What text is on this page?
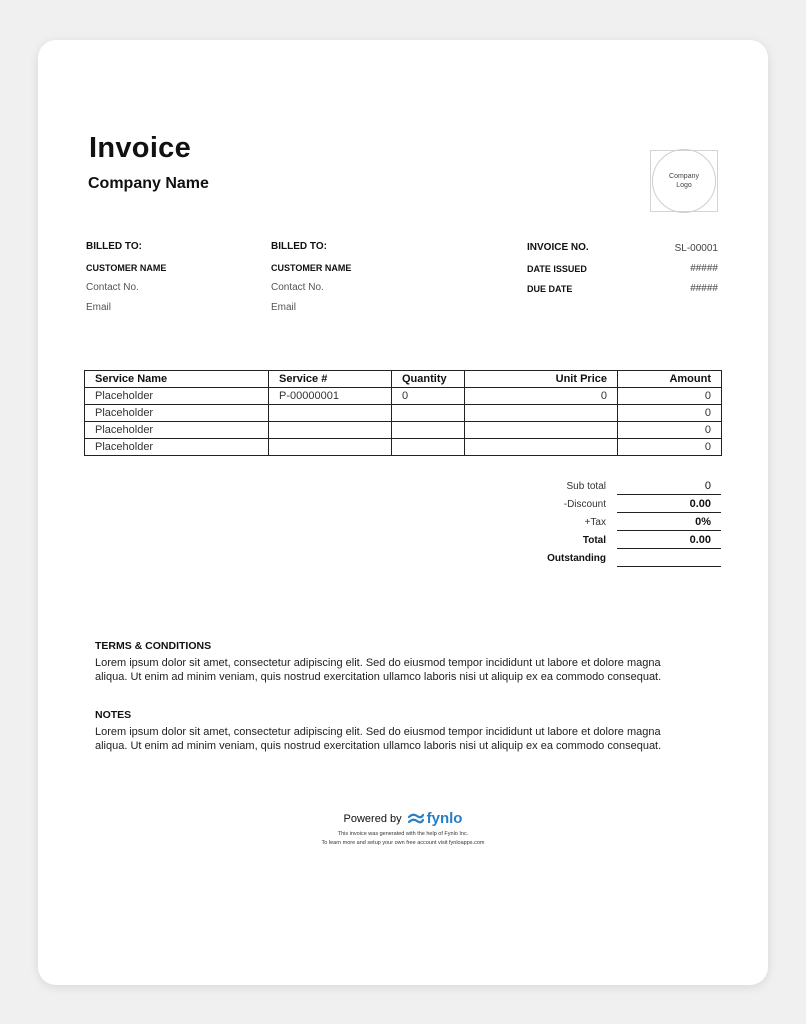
Invoice
Company Name	Company
Logo
BILLED TO:
CUSTOMER NAME
Contact No.
Email
BILLED TO:
CUSTOMER NAME
Contact No.
Email
INVOICE NO.	SL-00001
DATE ISSUED	#####
DUE DATE	#####
Service Name	Service #	Quantity	Unit Price	Amount
Placeholder	P-00000001	0	0	0
Placeholder				0
Placeholder				0
Placeholder				0
Sub total	0
-Discount	0.00
+Tax	0%
Total	0.00
Outstanding
TERMS & CONDITIONS
Lorem ipsum dolor sit amet, consectetur adipiscing elit. Sed do eiusmod tempor incididunt ut labore et dolore magna aliqua. Ut enim ad minim veniam, quis nostrud exercitation ullamco laboris nisi ut aliquip ex ea commodo consequat.
NOTES
Lorem ipsum dolor sit amet, consectetur adipiscing elit. Sed do eiusmod tempor incididunt ut labore et dolore magna aliqua. Ut enim ad minim veniam, quis nostrud exercitation ullamco laboris nisi ut aliquip ex ea commodo consequat.
Powered by fynlo
This invoice was generated with the help of Fynlo Inc.
To learn more and setup your own free account visit fynloapps.com
